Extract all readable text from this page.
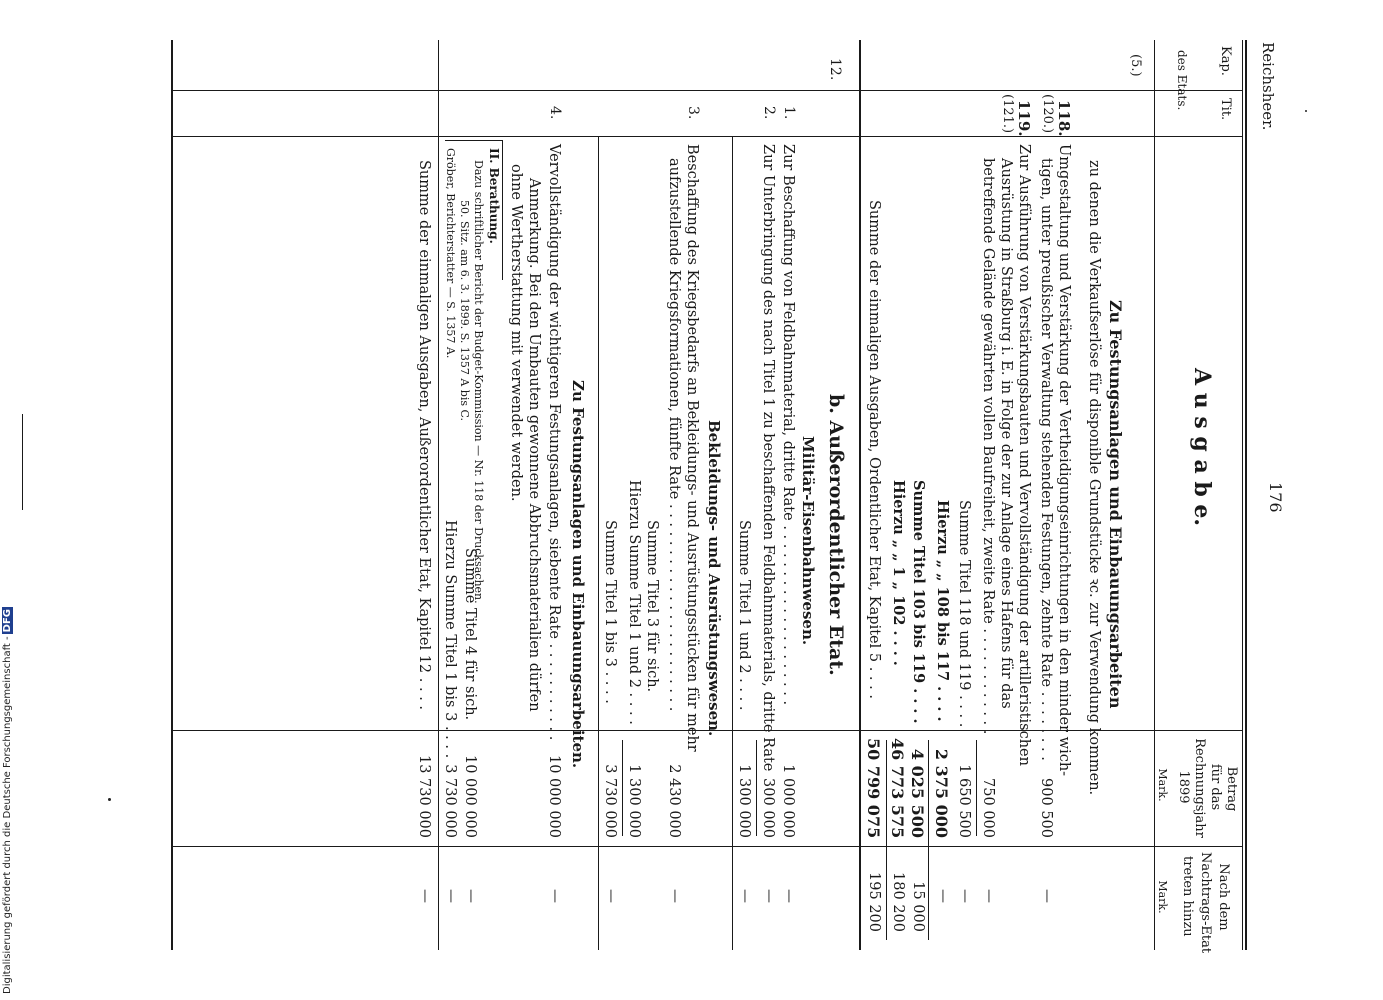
Reichsheer.
176
Kap.
Tit.
des Etats.
A u s g a b e.
Betrag
für das
Rechnungsjahr
1899
Mark.
Nach dem
Nachtrags-Etat
treten hinzu
Mark.
(5.)
Zu Festungsanlagen und Einbauungsarbeiten
zu denen die Verkaufserlöse für disponible Grundstücke ꝛc. zur Verwendung kommen.
118.
(120.)
Umgestaltung und Verstärkung der Vertheidigungseinrichtungen in den minder wich-
tigen, unter preußischer Verwaltung stehenden Festungen, zehnte Rate . . . . . . . .
900 500
—
119.
(121.)
Zur Ausführung von Verstärkungsbauten und Vervollständigung der artilleristischen
Ausrüstung in Straßburg i. E. in Folge der zur Anlage eines Hafens für das
betreffende Gelände gewährten vollen Baufreiheit, zweite Rate . . . . . . . . . . . .
750 000
—
Summe Titel 118 und 119 . . . .
1 650 500
—
Hierzu „ „ 108 bis 117 . . . .
2 375 000
—
Summe Titel 103 bis 119 . . . .
4 025 500
15 000
Hierzu „ „ 1 „ 102 . . . .
46 773 575
180 200
Summe der einmaligen Ausgaben, Ordentlicher Etat, Kapitel 5 . . . .
50 799 075
195 200
12.
b. Außerordentlicher Etat.
Militär-Eisenbahnwesen.
1.
Zur Beschaffung von Feldbahnmaterial, dritte Rate . . . . . . . . . . . . . . . . . . . .
1 000 000
—
2.
Zur Unterbringung des nach Titel 1 zu beschaffenden Feldbahnmaterials, dritte Rate
300 000
—
Summe Titel 1 und 2 . . . .
1 300 000
—
Bekleidungs- und Ausrüstungswesen.
3.
Beschaffung des Kriegsbedarfs an Bekleidungs- und Ausrüstungsstücken für mehr
aufzustellende Kriegsformationen, fünfte Rate . . . . . . . . . . . . . . . . . . . . . . .
2 430 000
—
Summe Titel 3 für sich.
Hierzu Summe Titel 1 und 2 . . . .
1 300 000
Summe Titel 1 bis 3 . . . .
3 730 000
—
Zu Festungsanlagen und Einbauungsarbeiten.
4.
Vervollständigung der wichtigeren Festungsanlagen, siebente Rate . . . . . . . . . . .
10 000 000
—
Anmerkung. Bei den Umbauten gewonnene Abbruchsmaterialien dürfen
ohne Wertherstattung mit verwendet werden.
II. Berathung.
Dazu schriftlicher Bericht der Budget-Kommission — Nr. 118 der Drucksachen.
50. Sitz. am 6. 3. 1899. S. 1357 A bis C.
Gröber, Berichterstatter — S. 1357 A.
Summe Titel 4 für sich.
10 000 000
—
Hierzu Summe Titel 1 bis 3 . . . .
3 730 000
—
Summe der einmaligen Ausgaben, Außerordentlicher Etat, Kapitel 12 . . . .
13 730 000
—
Digitalisierung gefördert durch die Deutsche Forschungsgemeinschaft -DFG
